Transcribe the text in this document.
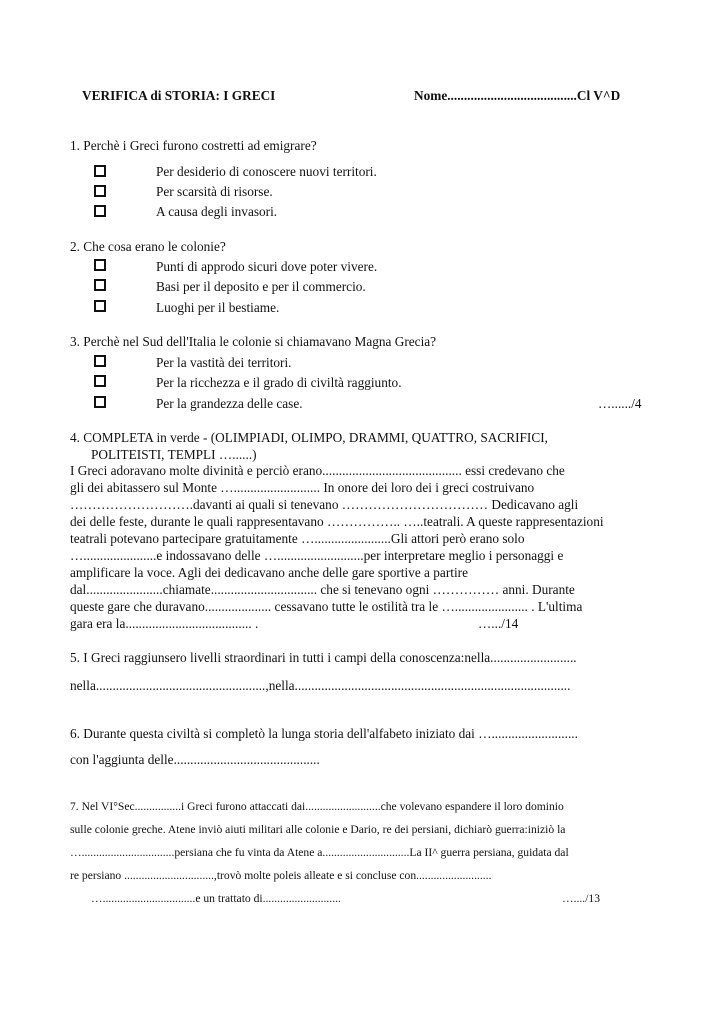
VERIFICA di STORIA: I GRECI	Nome.......................................Cl V^D
1. Perchè i Greci furono costretti ad emigrare?
Per desiderio di conoscere nuovi territori.
Per scarsità di risorse.
A causa degli invasori.
2. Che cosa erano le colonie?
Punti di approdo sicuri dove poter vivere.
Basi per il deposito e per il commercio.
Luoghi per il bestiame.
3. Perchè nel Sud dell'Italia le colonie si chiamavano Magna Grecia?
Per la vastità dei territori.
Per la ricchezza e il grado di civiltà raggiunto.
Per la grandezza delle case.	…....../4
4. COMPLETA in verde - (OLIMPIADI, OLIMPO, DRAMMI, QUATTRO, SACRIFICI,
POLITEISTI, TEMPLI …......)
I Greci adoravano molte divinità e perciò erano.......................................... essi credevano che
gli dei abitassero sul Monte ….......................... In onore dei loro dei i greci costruivano
……………………….davanti ai quali si tenevano …………………………… Dedicavano agli
dei delle feste, durante le quali rappresentavano …………….. …..teatrali. A queste rappresentazioni
teatrali potevano partecipare gratuitamente ….......................Gli attori però erano solo
…......................e indossavano delle …..........................per interpretare meglio i personaggi e
amplificare la voce. Agli dei dedicavano anche delle gare sportive a partire
dal.......................chiamate................................ che si tenevano ogni …………… anni. Durante
queste gare che duravano.................... cessavano tutte le ostilità tra le …...................... . L'ultima
gara era la...................................... .	….../14
5. I Greci raggiunsero livelli straordinari in tutti i campi della conoscenza:nella..........................
nella...................................................,nella...................................................................................
6. Durante questa civiltà si completò la lunga storia dell'alfabeto iniziato dai …..........................
con l'aggiunta delle............................................
7. Nel VI°Sec................i Greci furono attaccati dai..........................che volevano espandere il loro dominio
sulle colonie greche. Atene inviò aiuti militari alle colonie e Dario, re dei persiani, dichiarò guerra:iniziò la
…................................persiana che fu vinta da Atene a..............................La II^ guerra persiana, guidata dal
re persiano ...............................,trovò molte poleis alleate e si concluse con..........................
…................................e un trattato di...........................	…..../13
